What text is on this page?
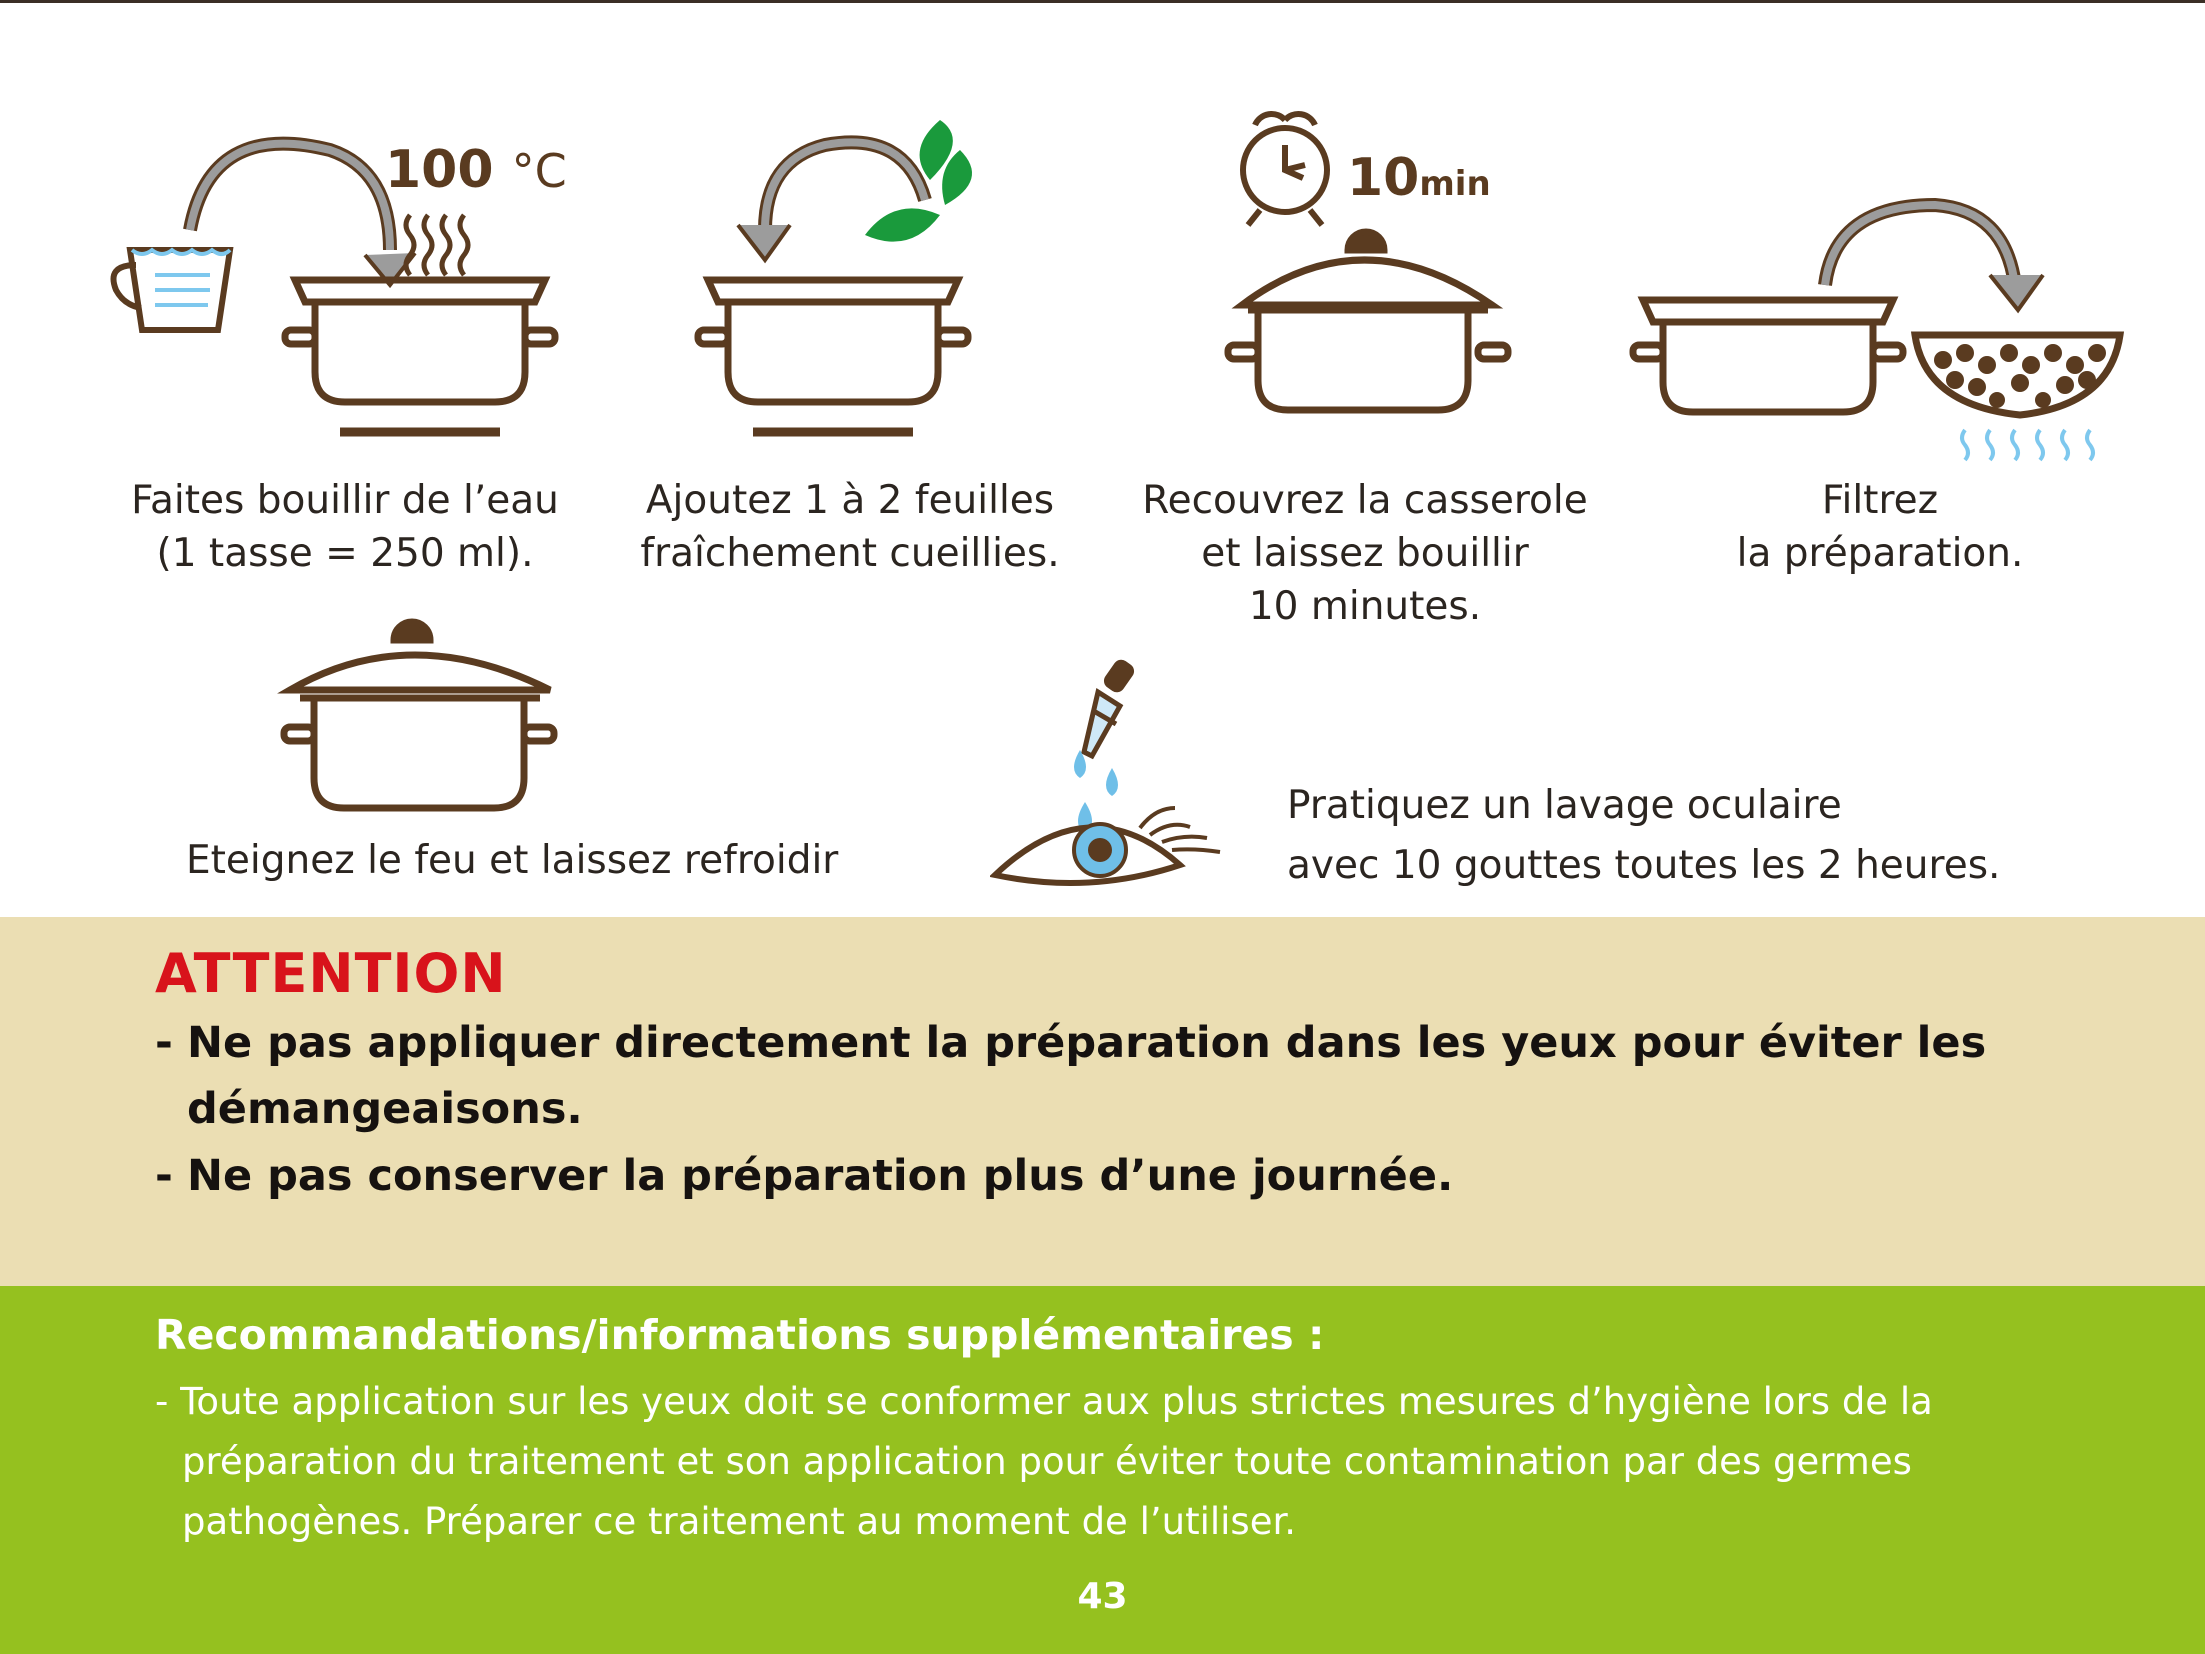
100 °C
Faites bouillir de l’eau
(1 tasse = 250 ml).
Ajoutez 1 à 2 feuilles
fraîchement cueillies.
10min
Recouvrez la casserole
et laissez bouillir
10 minutes.
Filtrez
la préparation.
Eteignez le feu et laissez refroidir
Pratiquez un lavage oculaire
avec 10 gouttes toutes les 2 heures.
ATTENTION
- Ne pas appliquer directement la préparation dans les yeux pour éviter les
démangeaisons.
- Ne pas conserver la préparation plus d’une journée.
Recommandations/informations supplémentaires :
- Toute application sur les yeux doit se conformer aux plus strictes mesures d’hygiène lors de la
préparation du traitement et son application pour éviter toute contamination par des germes
pathogènes. Préparer ce traitement au moment de l’utiliser.
43
